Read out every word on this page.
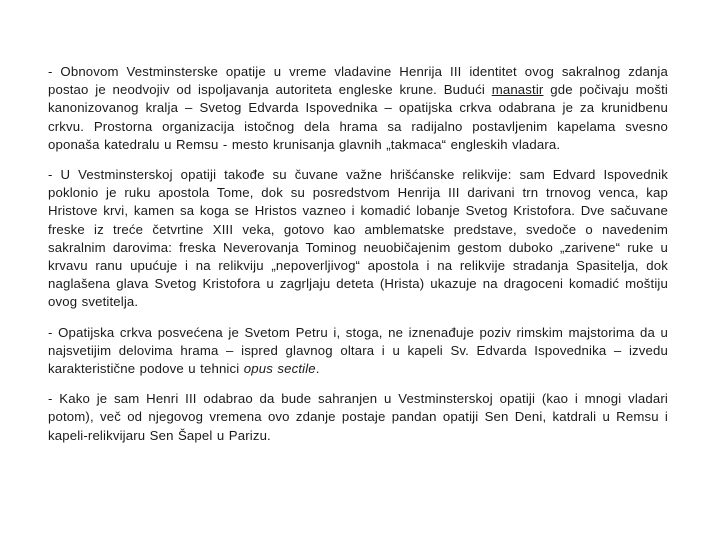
- Obnovom Vestminsterske opatije u vreme vladavine Henrija III identitet ovog sakralnog zdanja postao je neodvojiv od ispoljavanja autoriteta engleske krune. Budući manastir gde počivaju mošti kanonizovanog kralja – Svetog Edvarda Ispovednika – opatijska crkva odabrana je za krunidbenu crkvu. Prostorna organizacija istočnog dela hrama sa radijalno postavljenim kapelama svesno oponaša katedralu u Remsu - mesto krunisanja glavnih „takmaca“ engleskih vladara.

- U Vestminsterskoj opatiji takođe su čuvane važne hrišćanske relikvije: sam Edvard Ispovednik poklonio je ruku apostola Tome, dok su posredstvom Henrija III darivani trn trnovog venca, kap Hristove krvi, kamen sa koga se Hristos vazneo i komadić lobanje Svetog Kristofora. Dve sačuvane freske iz treće četvrtine XIII veka, gotovo kao amblematske predstave, svedoče o navedenim sakralnim darovima: freska Neverovanja Tominog neuobičajenim gestom duboko „zarivene“ ruke u krvavu ranu upućuje i na relikviju „nepoverljivog“ apostola i na relikvije stradanja Spasitelja, dok naglašena glava Svetog Kristofora u zagrljaju deteta (Hrista) ukazuje na dragoceni komadić moštiju ovog svetitelja.

- Opatijska crkva posvećena je Svetom Petru i, stoga, ne iznenađuje poziv rimskim majstorima da u najsvetijim delovima hrama – ispred glavnog oltara i u kapeli Sv. Edvarda Ispovednika – izvedu karakteristične podove u tehnici opus sectile.

- Kako je sam Henri III odabrao da bude sahranjen u Vestminsterskoj opatiji (kao i mnogi vladari potom), več od njegovog vremena ovo zdanje postaje pandan opatiji Sen Deni, katdrali u Remsu i kapeli-relikvijaru Sen Šapel u Parizu.
